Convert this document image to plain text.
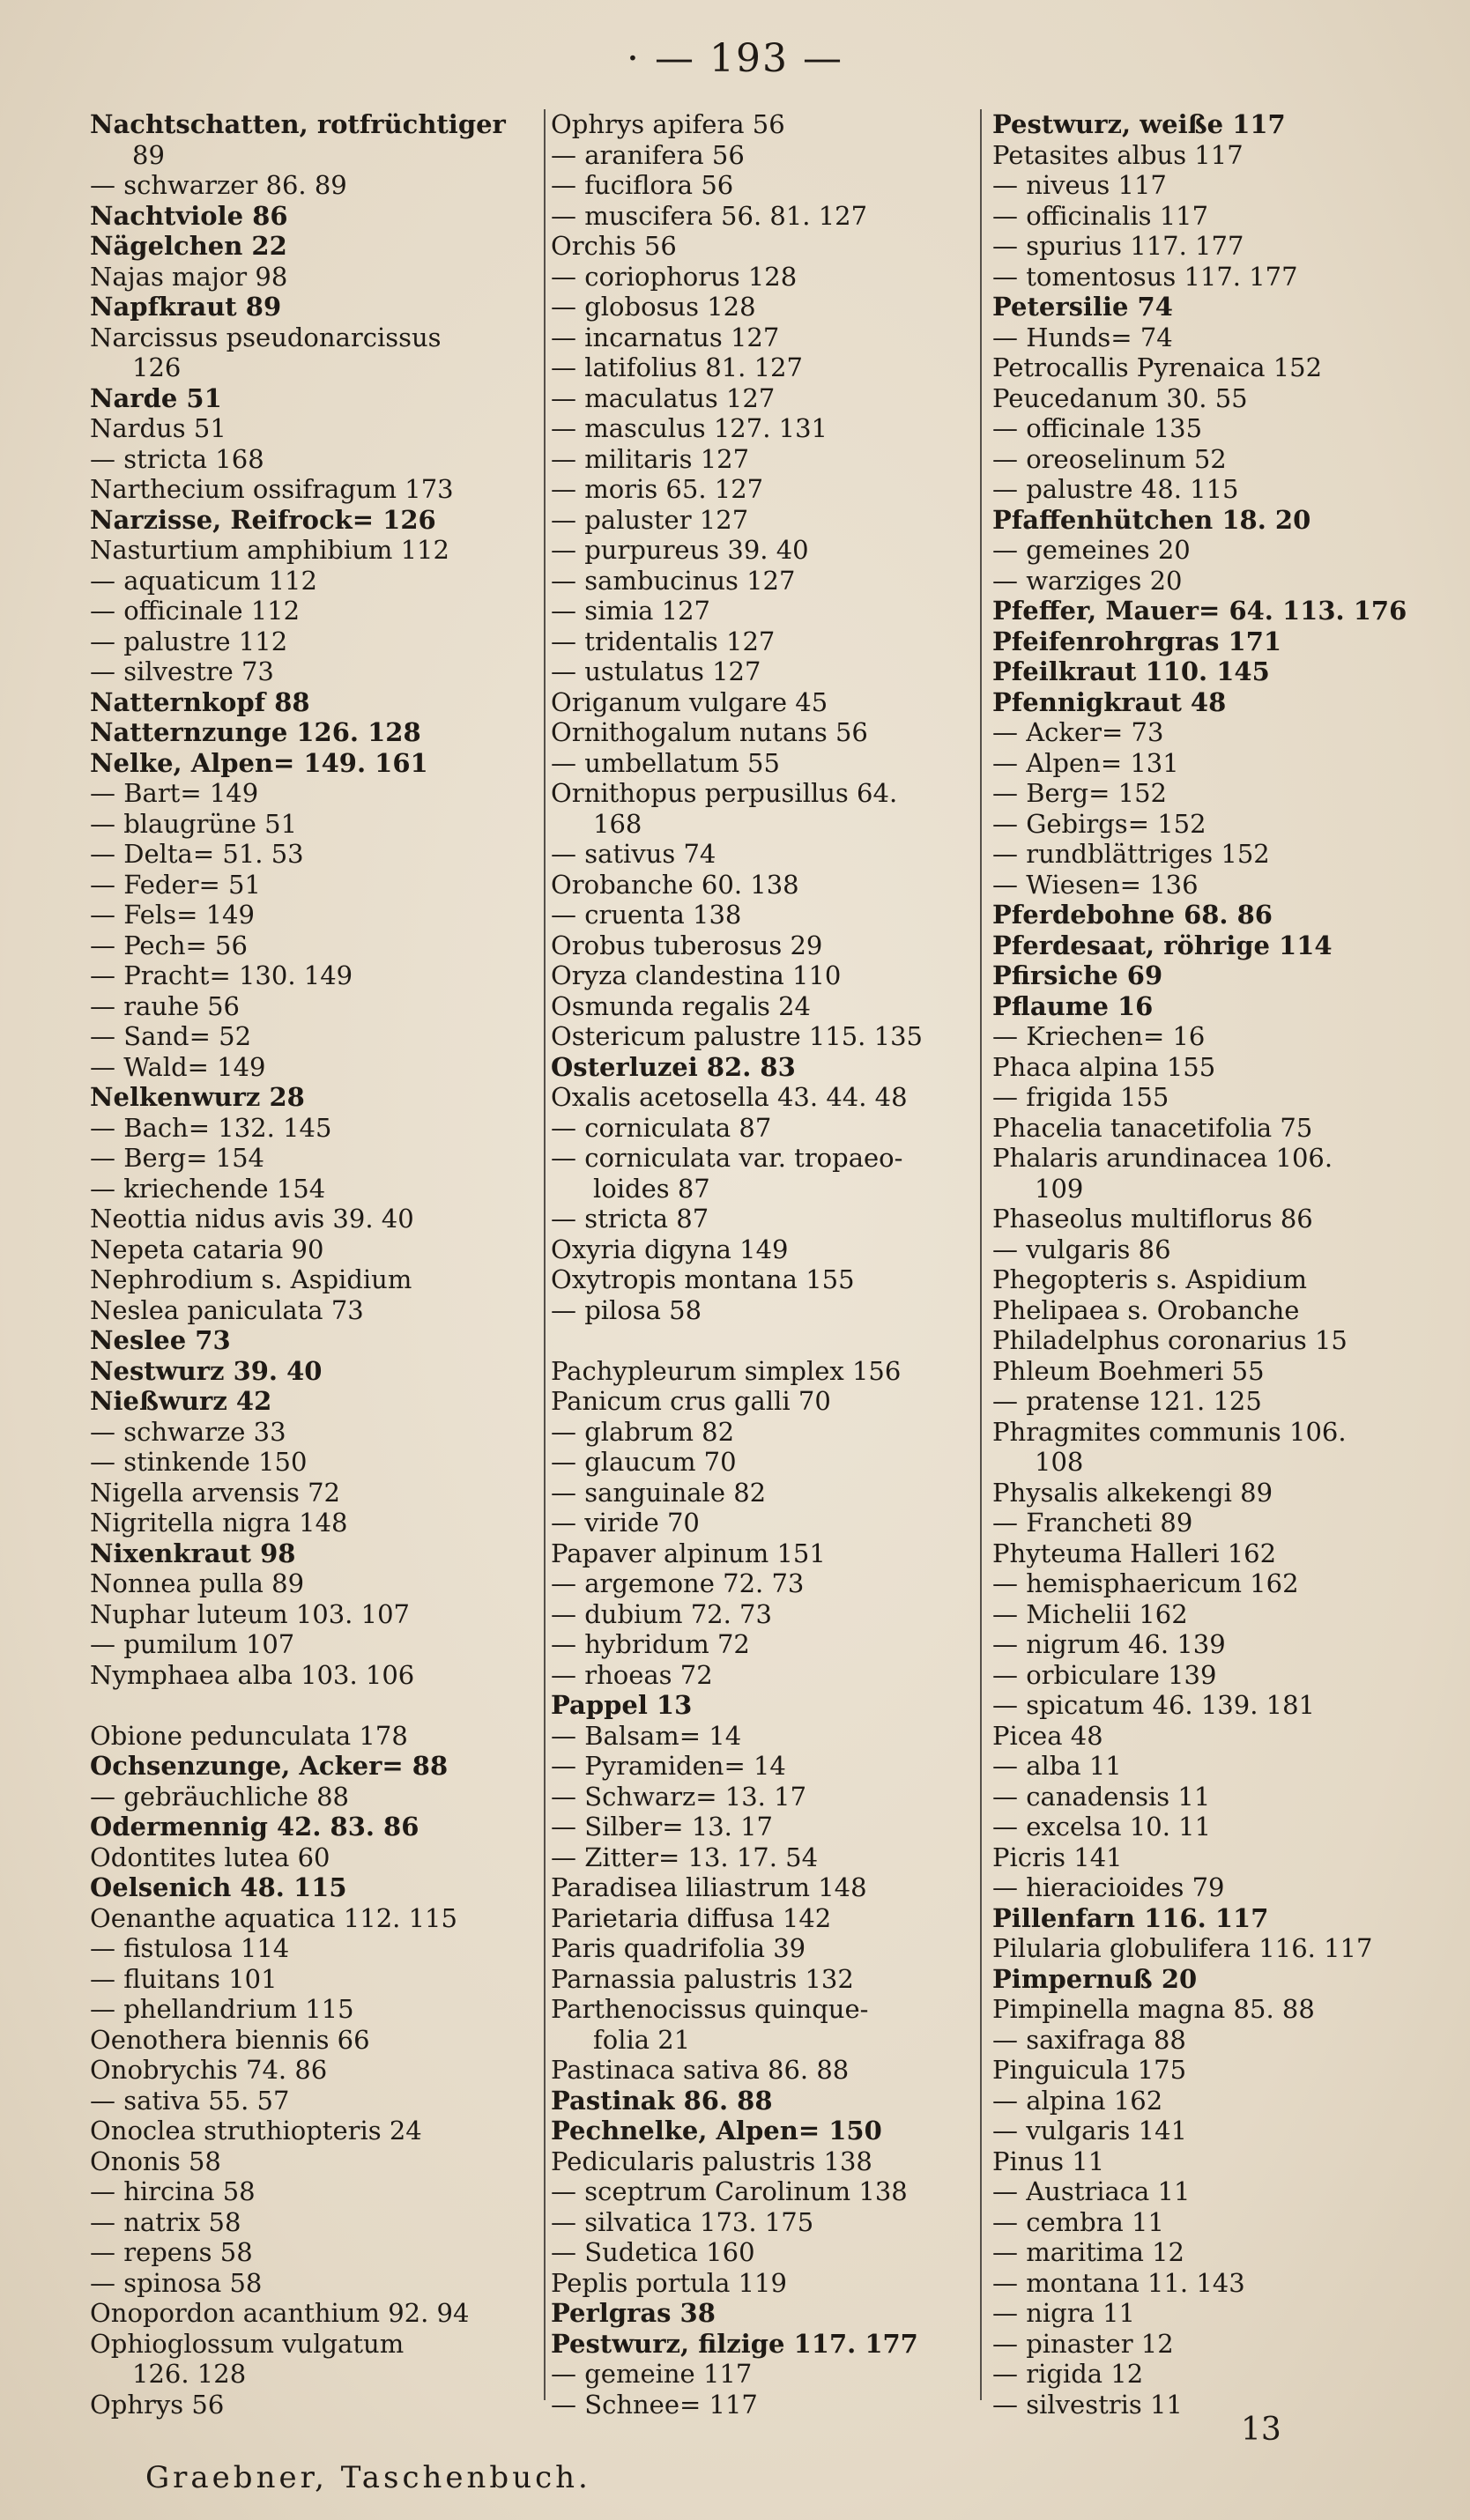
· — 193 —
Nachtschatten, rotfrüchtiger
89
— schwarzer 86. 89
Nachtviole 86
Nägelchen 22
Najas major 98
Napfkraut 89
Narcissus pseudonarcissus
126
Narde 51
Nardus 51
— stricta 168
Narthecium ossifragum 173
Narzisse, Reifrock= 126
Nasturtium amphibium 112
— aquaticum 112
— officinale 112
— palustre 112
— silvestre 73
Natternkopf 88
Natternzunge 126. 128
Nelke, Alpen= 149. 161
— Bart= 149
— blaugrüne 51
— Delta= 51. 53
— Feder= 51
— Fels= 149
— Pech= 56
— Pracht= 130. 149
— rauhe 56
— Sand= 52
— Wald= 149
Nelkenwurz 28
— Bach= 132. 145
— Berg= 154
— kriechende 154
Neottia nidus avis 39. 40
Nepeta cataria 90
Nephrodium s. Aspidium
Neslea paniculata 73
Neslee 73
Nestwurz 39. 40
Nießwurz 42
— schwarze 33
— stinkende 150
Nigella arvensis 72
Nigritella nigra 148
Nixenkraut 98
Nonnea pulla 89
Nuphar luteum 103. 107
— pumilum 107
Nymphaea alba 103. 106
Obione pedunculata 178
Ochsenzunge, Acker= 88
— gebräuchliche 88
Odermennig 42. 83. 86
Odontites lutea 60
Oelsenich 48. 115
Oenanthe aquatica 112. 115
— fistulosa 114
— fluitans 101
— phellandrium 115
Oenothera biennis 66
Onobrychis 74. 86
— sativa 55. 57
Onoclea struthiopteris 24
Ononis 58
— hircina 58
— natrix 58
— repens 58
— spinosa 58
Onopordon acanthium 92. 94
Ophioglossum vulgatum
126. 128
Ophrys 56
Ophrys apifera 56
— aranifera 56
— fuciflora 56
— muscifera 56. 81. 127
Orchis 56
— coriophorus 128
— globosus 128
— incarnatus 127
— latifolius 81. 127
— maculatus 127
— masculus 127. 131
— militaris 127
— moris 65. 127
— paluster 127
— purpureus 39. 40
— sambucinus 127
— simia 127
— tridentalis 127
— ustulatus 127
Origanum vulgare 45
Ornithogalum nutans 56
— umbellatum 55
Ornithopus perpusillus 64.
168
— sativus 74
Orobanche 60. 138
— cruenta 138
Orobus tuberosus 29
Oryza clandestina 110
Osmunda regalis 24
Ostericum palustre 115. 135
Osterluzei 82. 83
Oxalis acetosella 43. 44. 48
— corniculata 87
— corniculata var. tropaeo-
loides 87
— stricta 87
Oxyria digyna 149
Oxytropis montana 155
— pilosa 58
Pachypleurum simplex 156
Panicum crus galli 70
— glabrum 82
— glaucum 70
— sanguinale 82
— viride 70
Papaver alpinum 151
— argemone 72. 73
— dubium 72. 73
— hybridum 72
— rhoeas 72
Pappel 13
— Balsam= 14
— Pyramiden= 14
— Schwarz= 13. 17
— Silber= 13. 17
— Zitter= 13. 17. 54
Paradisea liliastrum 148
Parietaria diffusa 142
Paris quadrifolia 39
Parnassia palustris 132
Parthenocissus quinque-
folia 21
Pastinaca sativa 86. 88
Pastinak 86. 88
Pechnelke, Alpen= 150
Pedicularis palustris 138
— sceptrum Carolinum 138
— silvatica 173. 175
— Sudetica 160
Peplis portula 119
Perlgras 38
Pestwurz, filzige 117. 177
— gemeine 117
— Schnee= 117
Pestwurz, weiße 117
Petasites albus 117
— niveus 117
— officinalis 117
— spurius 117. 177
— tomentosus 117. 177
Petersilie 74
— Hunds= 74
Petrocallis Pyrenaica 152
Peucedanum 30. 55
— officinale 135
— oreoselinum 52
— palustre 48. 115
Pfaffenhütchen 18. 20
— gemeines 20
— warziges 20
Pfeffer, Mauer= 64. 113. 176
Pfeifenrohrgras 171
Pfeilkraut 110. 145
Pfennigkraut 48
— Acker= 73
— Alpen= 131
— Berg= 152
— Gebirgs= 152
— rundblättriges 152
— Wiesen= 136
Pferdebohne 68. 86
Pferdesaat, röhrige 114
Pfirsiche 69
Pflaume 16
— Kriechen= 16
Phaca alpina 155
— frigida 155
Phacelia tanacetifolia 75
Phalaris arundinacea 106.
109
Phaseolus multiflorus 86
— vulgaris 86
Phegopteris s. Aspidium
Phelipaea s. Orobanche
Philadelphus coronarius 15
Phleum Boehmeri 55
— pratense 121. 125
Phragmites communis 106.
108
Physalis alkekengi 89
— Francheti 89
Phyteuma Halleri 162
— hemisphaericum 162
— Michelii 162
— nigrum 46. 139
— orbiculare 139
— spicatum 46. 139. 181
Picea 48
— alba 11
— canadensis 11
— excelsa 10. 11
Picris 141
— hieracioides 79
Pillenfarn 116. 117
Pilularia globulifera 116. 117
Pimpernuß 20
Pimpinella magna 85. 88
— saxifraga 88
Pinguicula 175
— alpina 162
— vulgaris 141
Pinus 11
— Austriaca 11
— cembra 11
— maritima 12
— montana 11. 143
— nigra 11
— pinaster 12
— rigida 12
— silvestris 11
Graebner, Taschenbuch.
13
